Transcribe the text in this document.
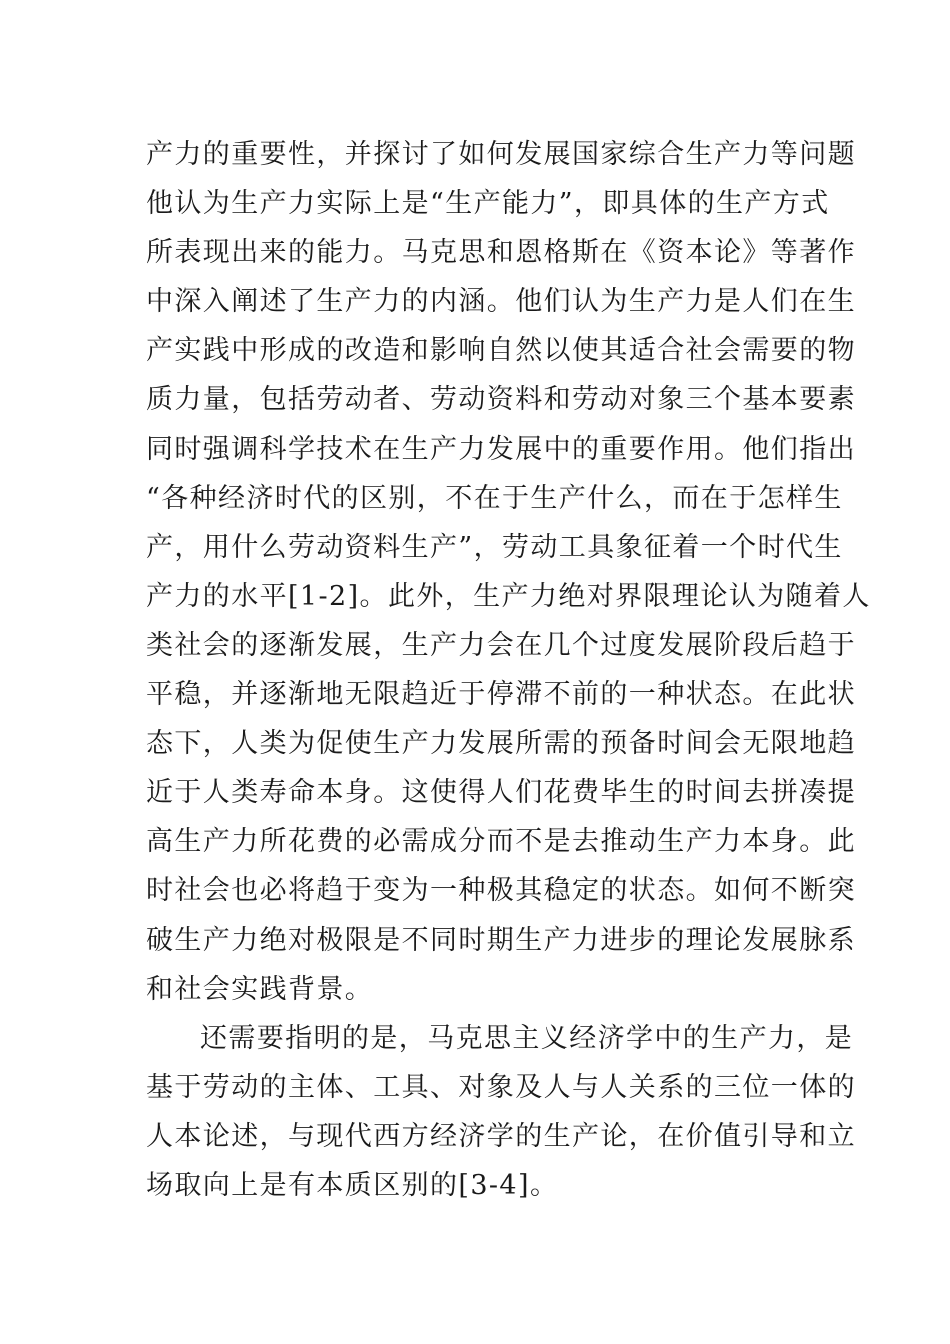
产力的重要性，并探讨了如何发展国家综合生产力等问题
他认为生产力实际上是“生产能力”，即具体的生产方式
所表现出来的能力。马克思和恩格斯在《资本论》等著作
中深入阐述了生产力的内涵。他们认为生产力是人们在生
产实践中形成的改造和影响自然以使其适合社会需要的物
质力量，包括劳动者、劳动资料和劳动对象三个基本要素
同时强调科学技术在生产力发展中的重要作用。他们指出
“各种经济时代的区别，不在于生产什么，而在于怎样生
产，用什么劳动资料生产”，劳动工具象征着一个时代生
产力的水平[1-2]。此外，生产力绝对界限理论认为随着人
类社会的逐渐发展，生产力会在几个过度发展阶段后趋于
平稳，并逐渐地无限趋近于停滞不前的一种状态。在此状
态下，人类为促使生产力发展所需的预备时间会无限地趋
近于人类寿命本身。这使得人们花费毕生的时间去拼凑提
高生产力所花费的必需成分而不是去推动生产力本身。此
时社会也必将趋于变为一种极其稳定的状态。如何不断突
破生产力绝对极限是不同时期生产力进步的理论发展脉系
和社会实践背景。
还需要指明的是，马克思主义经济学中的生产力，是
基于劳动的主体、工具、对象及人与人关系的三位一体的
人本论述，与现代西方经济学的生产论，在价值引导和立
场取向上是有本质区别的[3-4]。
